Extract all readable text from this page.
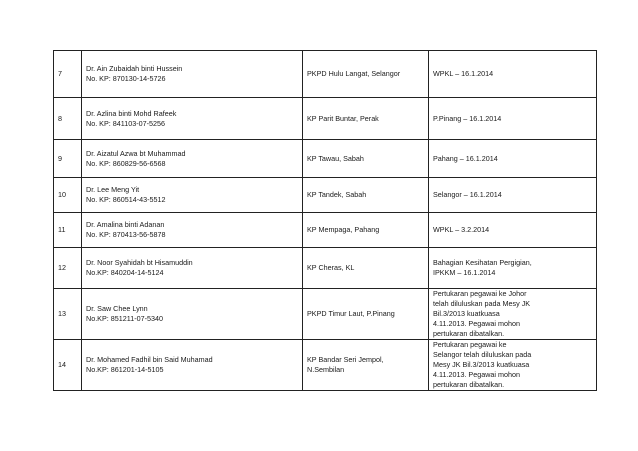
7	Dr. Ain Zubaidah binti Hussein
No. KP: 870130-14-5726	PKPD Hulu Langat, Selangor	WPKL – 16.1.2014

8	Dr. Azlina binti Mohd Rafeek
No. KP: 841103-07-5256	KP Parit Buntar, Perak	P.Pinang – 16.1.2014

9	Dr. Aizatul Azwa bt Muhammad
No. KP: 860829-56-6568	KP Tawau, Sabah	Pahang – 16.1.2014

10	Dr. Lee Meng Yit
No. KP: 860514-43-5512	KP Tandek, Sabah	Selangor – 16.1.2014

11	Dr. Amalina binti Adanan
No. KP: 870413-56-5878	KP Mempaga, Pahang	WPKL – 3.2.2014

12	Dr. Noor Syahidah bt Hisamuddin
No.KP: 840204-14-5124	KP Cheras, KL	Bahagian Kesihatan Pergigian,
IPKKM – 16.1.2014

13	Dr. Saw Chee Lynn
No.KP: 851211-07-5340	PKPD Timur Laut, P.Pinang	Pertukaran pegawai ke Johor
telah diluluskan pada Mesy JK
Bil.3/2013 kuatkuasa
4.11.2013. Pegawai mohon
pertukaran dibatalkan.

14	Dr. Mohamed Fadhil bin Said Muhamad
No.KP: 861201-14-5105	KP Bandar Seri Jempol,
N.Sembilan	Pertukaran pegawai ke
Selangor telah diluluskan pada
Mesy JK Bil.3/2013 kuatkuasa
4.11.2013. Pegawai mohon
pertukaran dibatalkan.
